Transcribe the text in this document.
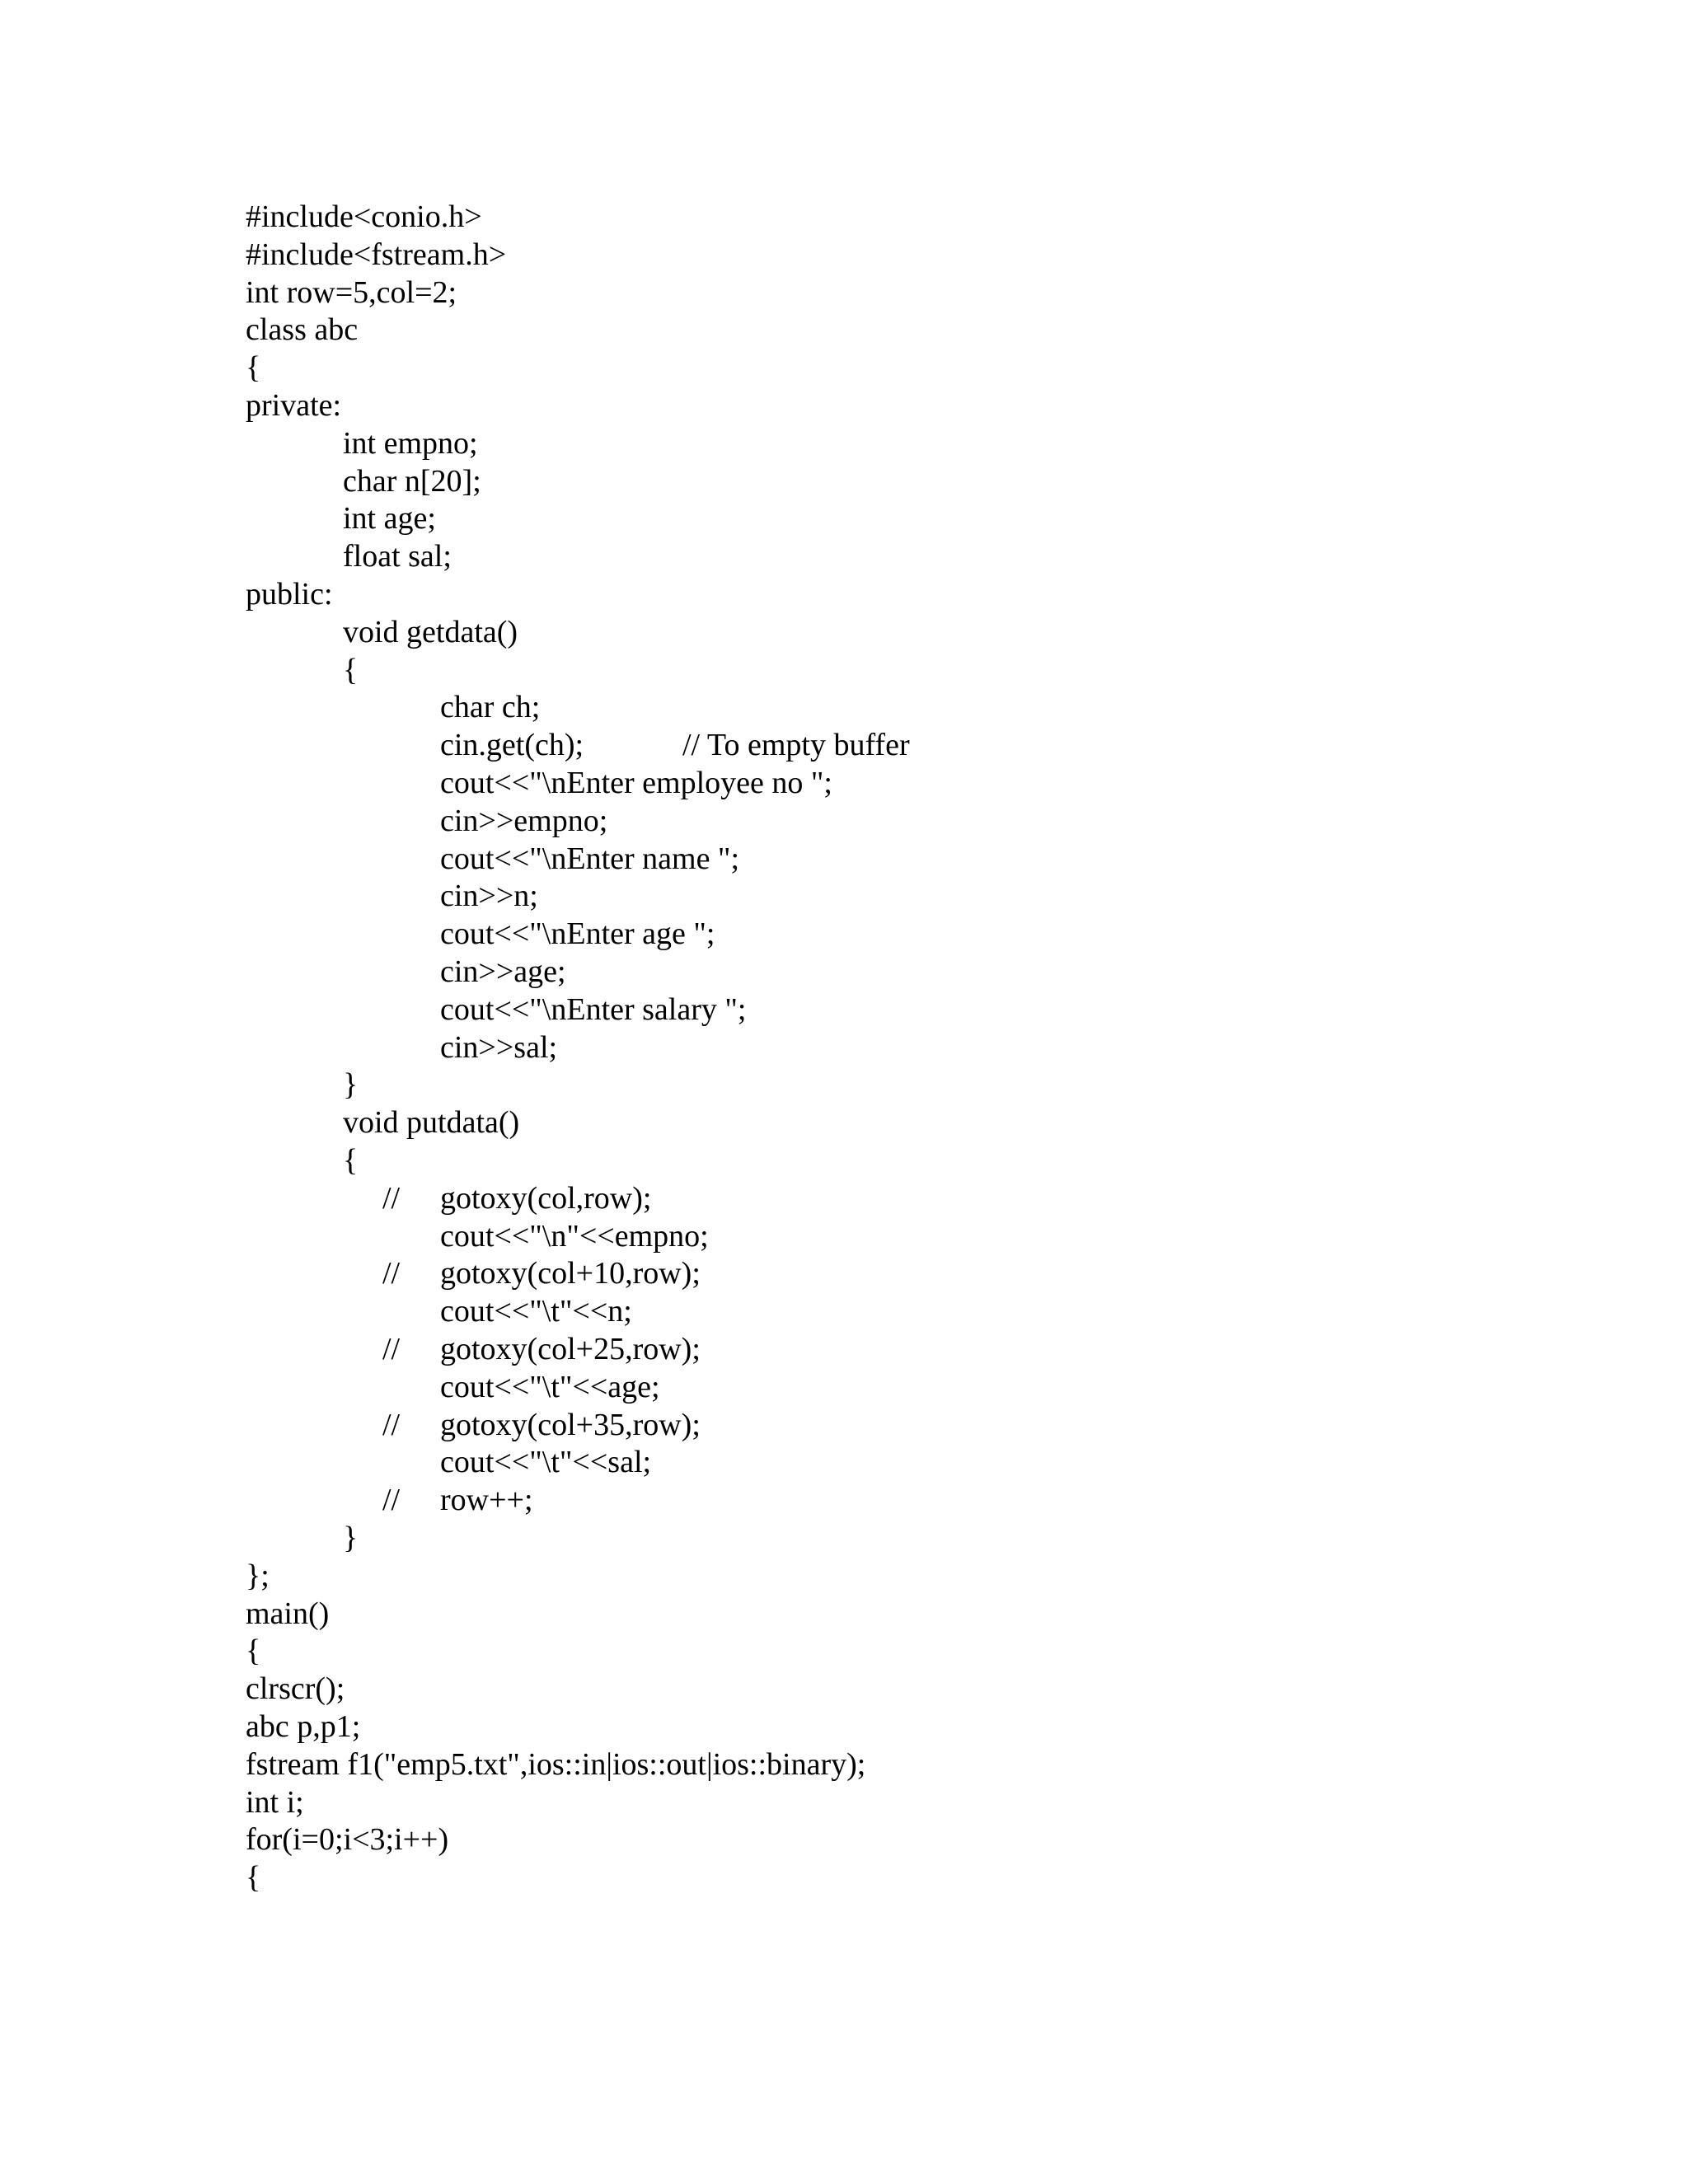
#include<conio.h>
#include<fstream.h>
int row=5,col=2;
class abc
{
private:
int empno;
char n[20];
int age;
float sal;
public:
void getdata()
{
char ch;
cin.get(ch);	// To empty buffer
cout<<"\nEnter employee no ";
cin>>empno;
cout<<"\nEnter name ";
cin>>n;
cout<<"\nEnter age ";
cin>>age;
cout<<"\nEnter salary ";
cin>>sal;
}
void putdata()
{
gotoxy(col,row);
//
cout<<"\n"<<empno;
gotoxy(col+10,row);
//
cout<<"\t"<<n;
gotoxy(col+25,row);
//
cout<<"\t"<<age;
gotoxy(col+35,row);
//
cout<<"\t"<<sal;
row++;
//
}
};
main()
{
clrscr();
abc p,p1;
fstream f1("emp5.txt",ios::in|ios::out|ios::binary);
int i;
for(i=0;i<3;i++)
{
